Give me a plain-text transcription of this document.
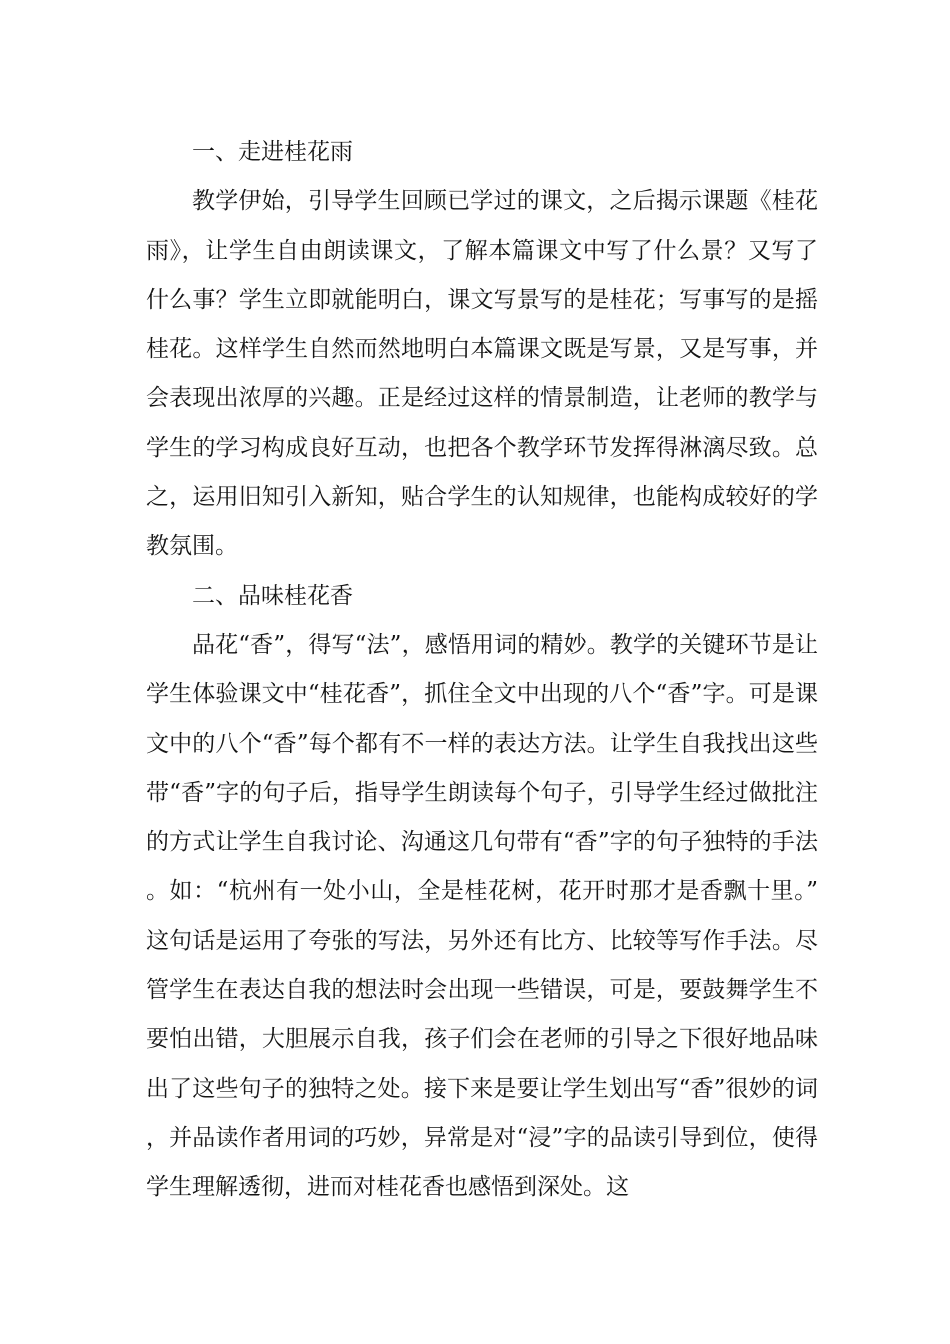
一、走进桂花雨

教学伊始，引导学生回顾已学过的课文，之后揭示课题《桂花雨》，让学生自由朗读课文，了解本篇课文中写了什么景？又写了什么事？学生立即就能明白，课文写景写的是桂花；写事写的是摇桂花。这样学生自然而然地明白本篇课文既是写景，又是写事，并会表现出浓厚的兴趣。正是经过这样的情景制造，让老师的教学与学生的学习构成良好互动，也把各个教学环节发挥得淋漓尽致。总之，运用旧知引入新知，贴合学生的认知规律，也能构成较好的学教氛围。

二、品味桂花香

品花“香”，得写“法”，感悟用词的精妙。教学的关键环节是让学生体验课文中“桂花香”，抓住全文中出现的八个“香”字。可是课文中的八个“香”每个都有不一样的表达方法。让学生自我找出这些带“香”字的句子后，指导学生朗读每个句子，引导学生经过做批注的方式让学生自我讨论、沟通这几句带有“香”字的句子独特的手法。如：“杭州有一处小山，全是桂花树，花开时那才是香飘十里。”这句话是运用了夸张的写法，另外还有比方、比较等写作手法。尽管学生在表达自我的想法时会出现一些错误，可是，要鼓舞学生不要怕出错，大胆展示自我，孩子们会在老师的引导之下很好地品味出了这些句子的独特之处。接下来是要让学生划出写“香”很妙的词，并品读作者用词的巧妙，异常是对“浸”字的品读引导到位，使得学生理解透彻，进而对桂花香也感悟到深处。这
